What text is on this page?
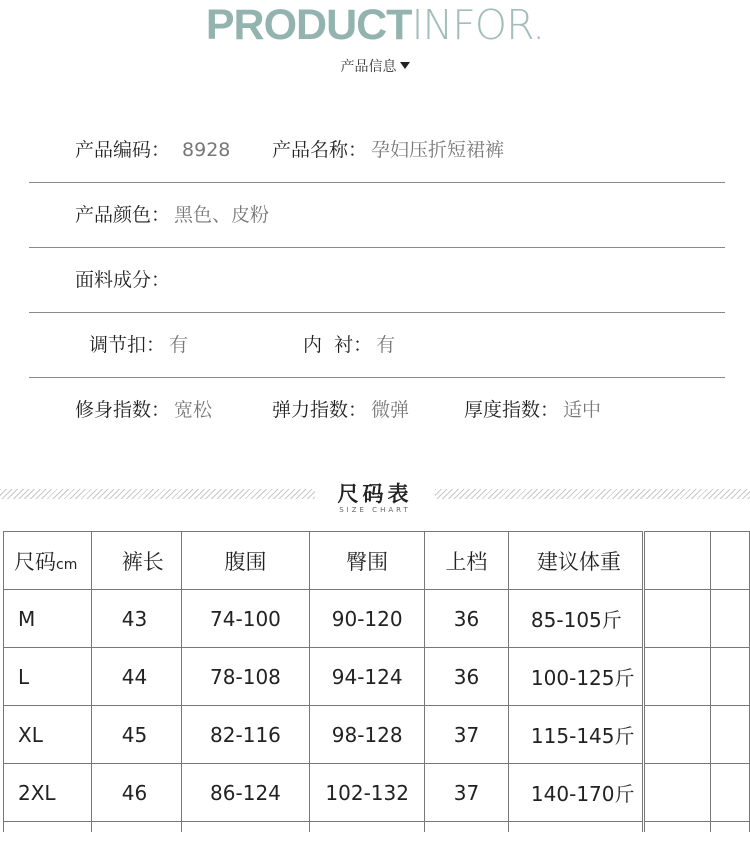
PRODUCTINFOR.
产品信息
产品编码： 8928 产品名称： 孕妇压折短裙裤
产品颜色： 黑色、皮粉
面料成分：
调节扣： 有	内  衬： 有
修身指数： 宽松	弹力指数： 微弹	厚度指数： 适中
尺码表
SIZE CHART
尺码cm	裤长	腹围	臀围	上档	建议体重		
M	43	74-100	90-120	36	85-105斤		
L	44	78-108	94-124	36	100-125斤		
XL	45	82-116	98-128	37	115-145斤		
2XL	46	86-124	102-132	37	140-170斤		
